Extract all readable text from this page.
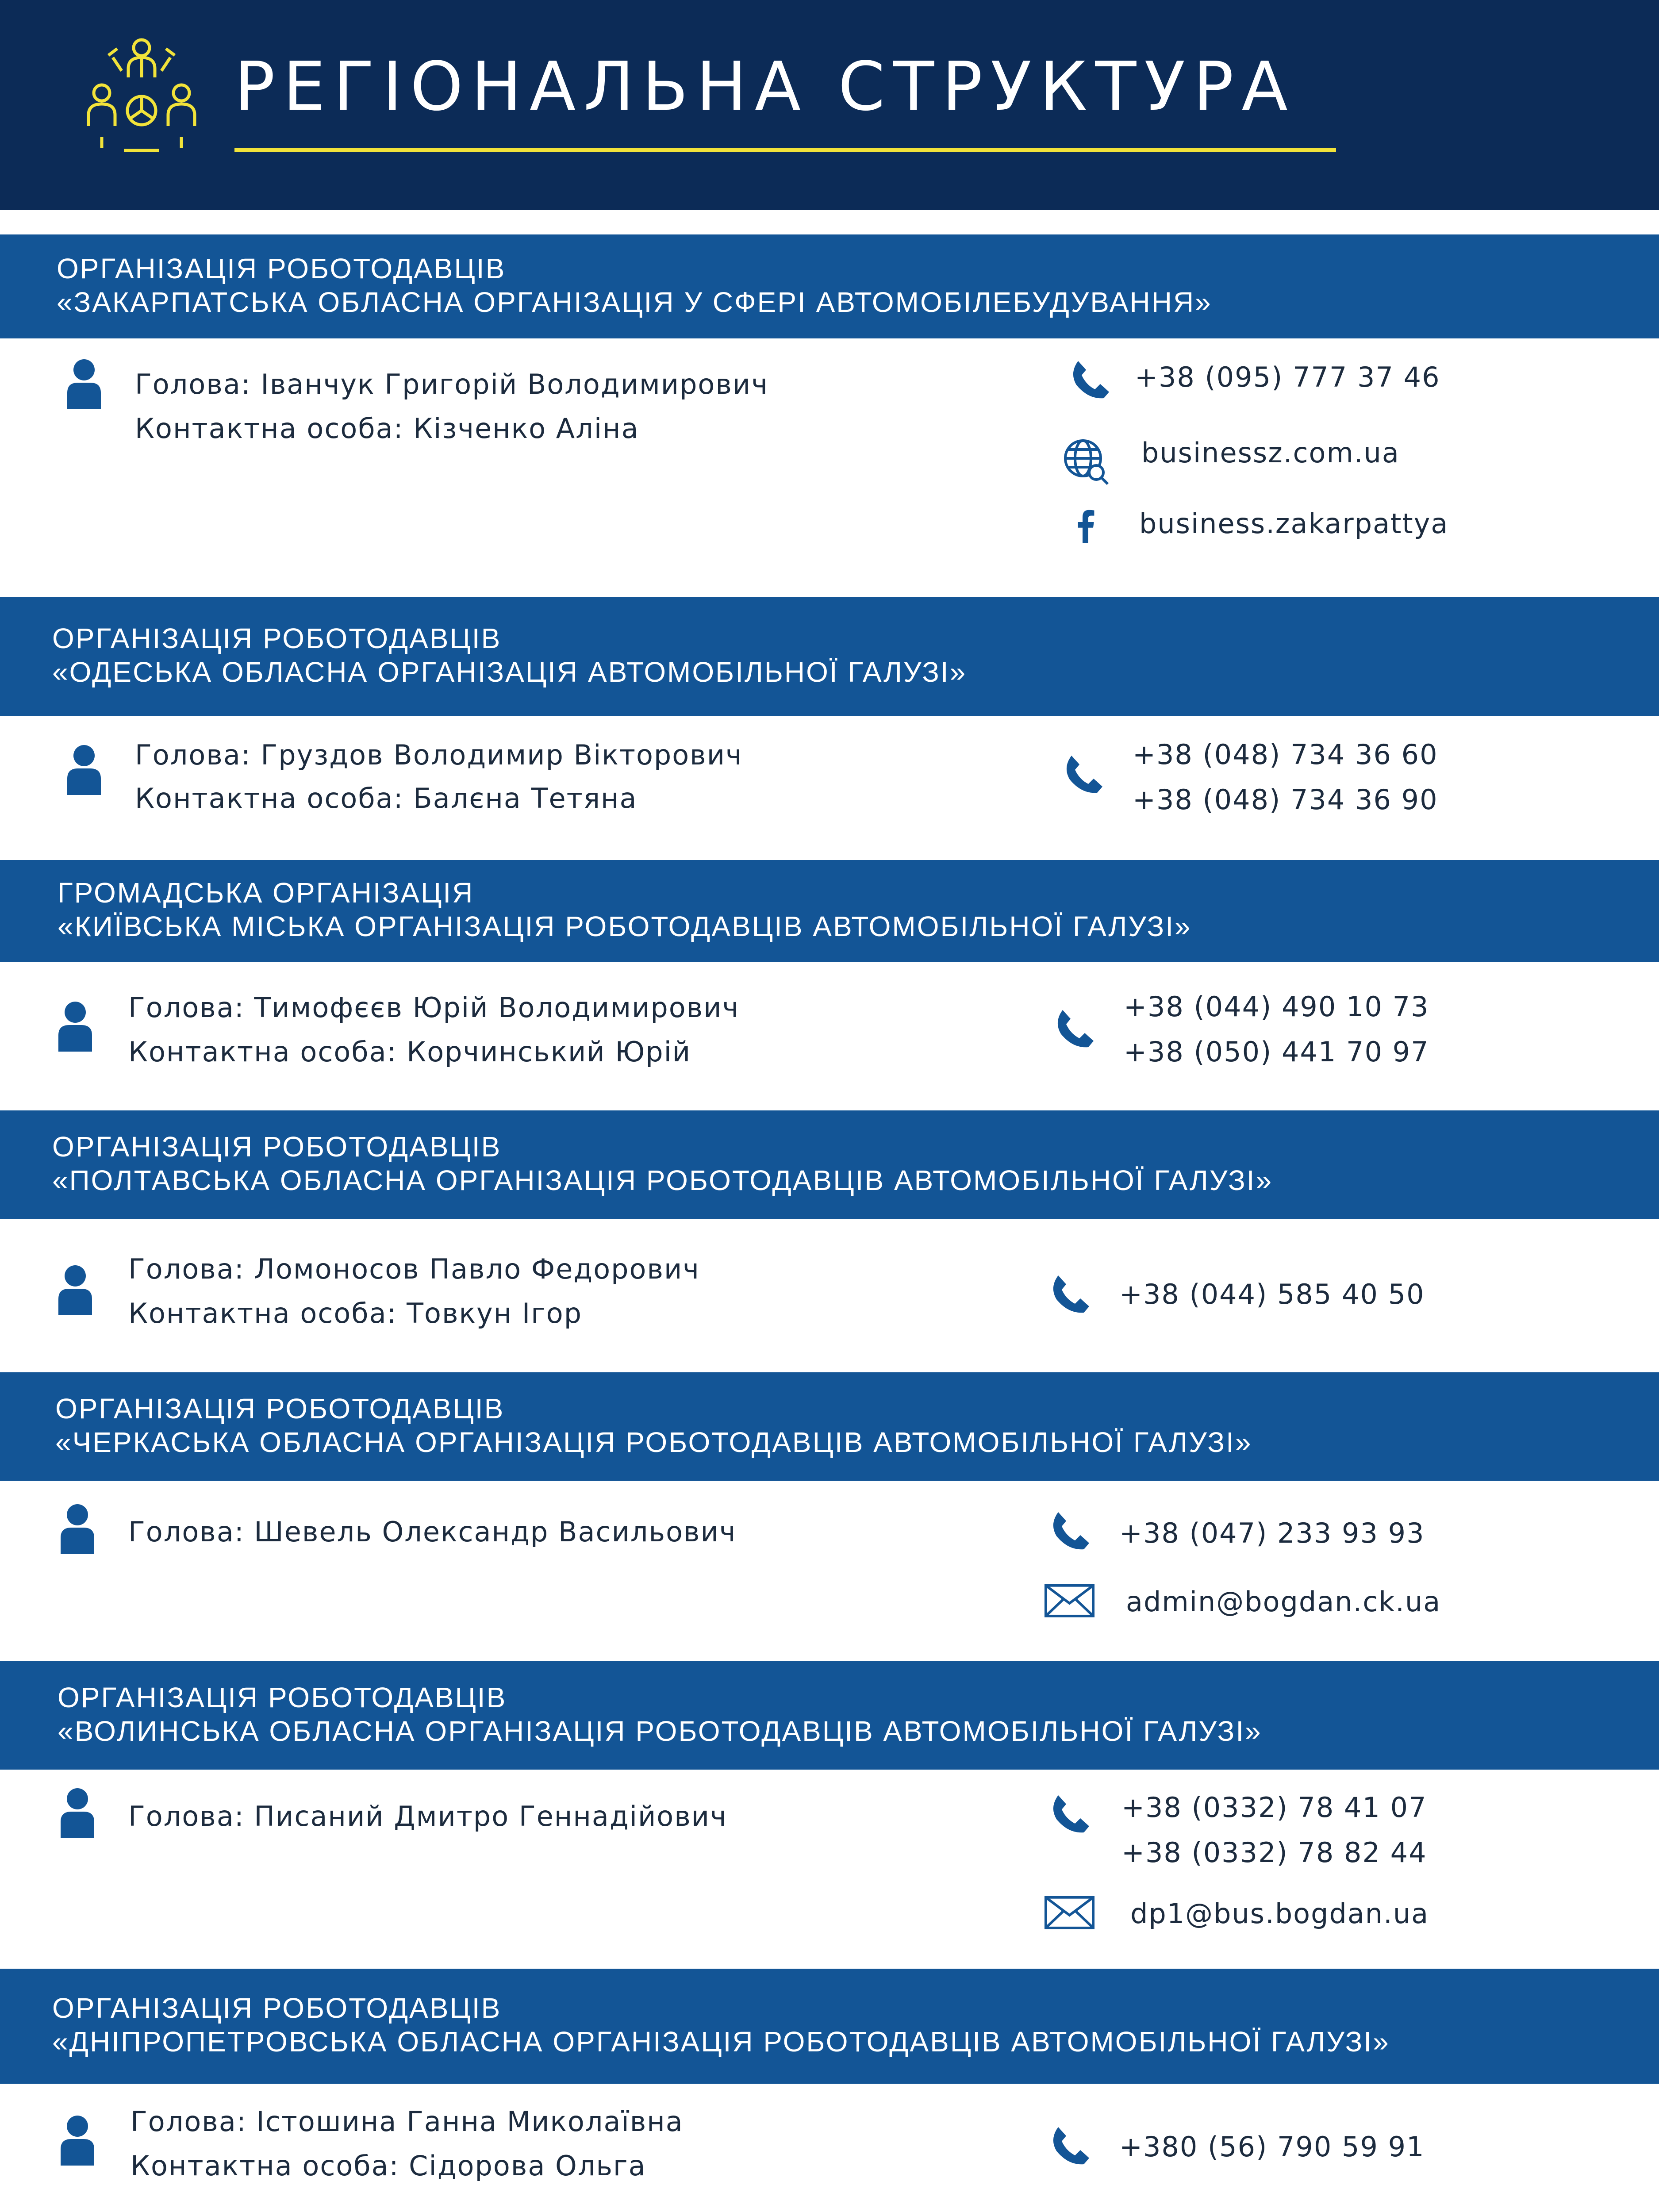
РЕГІОНАЛЬНА СТРУКТУРА
ОРГАНІЗАЦІЯ РОБОТОДАВЦІВ
«ЗАКАРПАТСЬКА ОБЛАСНА ОРГАНІЗАЦІЯ У СФЕРІ АВТОМОБІЛЕБУДУВАННЯ»
Голова: Іванчук Григорій Володимирович
Контактна особа: Кізченко Аліна
+38 (095) 777 37 46
businessz.com.ua
business.zakarpattya
ОРГАНІЗАЦІЯ РОБОТОДАВЦІВ
«ОДЕСЬКА ОБЛАСНА ОРГАНІЗАЦІЯ АВТОМОБІЛЬНОЇ ГАЛУЗІ»
Голова: Груздов Володимир Вікторович
Контактна особа: Балєна Тетяна
+38 (048) 734 36 60
+38 (048) 734 36 90
ГРОМАДСЬКА ОРГАНІЗАЦІЯ
«КИЇВСЬКА МІСЬКА ОРГАНІЗАЦІЯ РОБОТОДАВЦІВ АВТОМОБІЛЬНОЇ ГАЛУЗІ»
Голова: Тимофєєв Юрій Володимирович
Контактна особа: Корчинський Юрій
+38 (044) 490 10 73
+38 (050) 441 70 97
ОРГАНІЗАЦІЯ РОБОТОДАВЦІВ
«ПОЛТАВСЬКА ОБЛАСНА ОРГАНІЗАЦІЯ РОБОТОДАВЦІВ АВТОМОБІЛЬНОЇ ГАЛУЗІ»
Голова: Ломоносов Павло Федорович
Контактна особа: Товкун Ігор
+38 (044) 585 40 50
ОРГАНІЗАЦІЯ РОБОТОДАВЦІВ
«ЧЕРКАСЬКА ОБЛАСНА ОРГАНІЗАЦІЯ РОБОТОДАВЦІВ АВТОМОБІЛЬНОЇ ГАЛУЗІ»
Голова: Шевель Олександр Васильович	+38 (047) 233 93 93
admin@bogdan.ck.ua
ОРГАНІЗАЦІЯ РОБОТОДАВЦІВ
«ВОЛИНСЬКА ОБЛАСНА ОРГАНІЗАЦІЯ РОБОТОДАВЦІВ АВТОМОБІЛЬНОЇ ГАЛУЗІ»
Голова: Писаний Дмитро Геннадійович	+38 (0332) 78 41 07
+38 (0332) 78 82 44
dp1@bus.bogdan.ua
ОРГАНІЗАЦІЯ РОБОТОДАВЦІВ
«ДНІПРОПЕТРОВСЬКА ОБЛАСНА ОРГАНІЗАЦІЯ РОБОТОДАВЦІВ АВТОМОБІЛЬНОЇ ГАЛУЗІ»
Голова: Істошина Ганна Миколаївна
Контактна особа: Сідорова Ольга
+380 (56) 790 59 91
